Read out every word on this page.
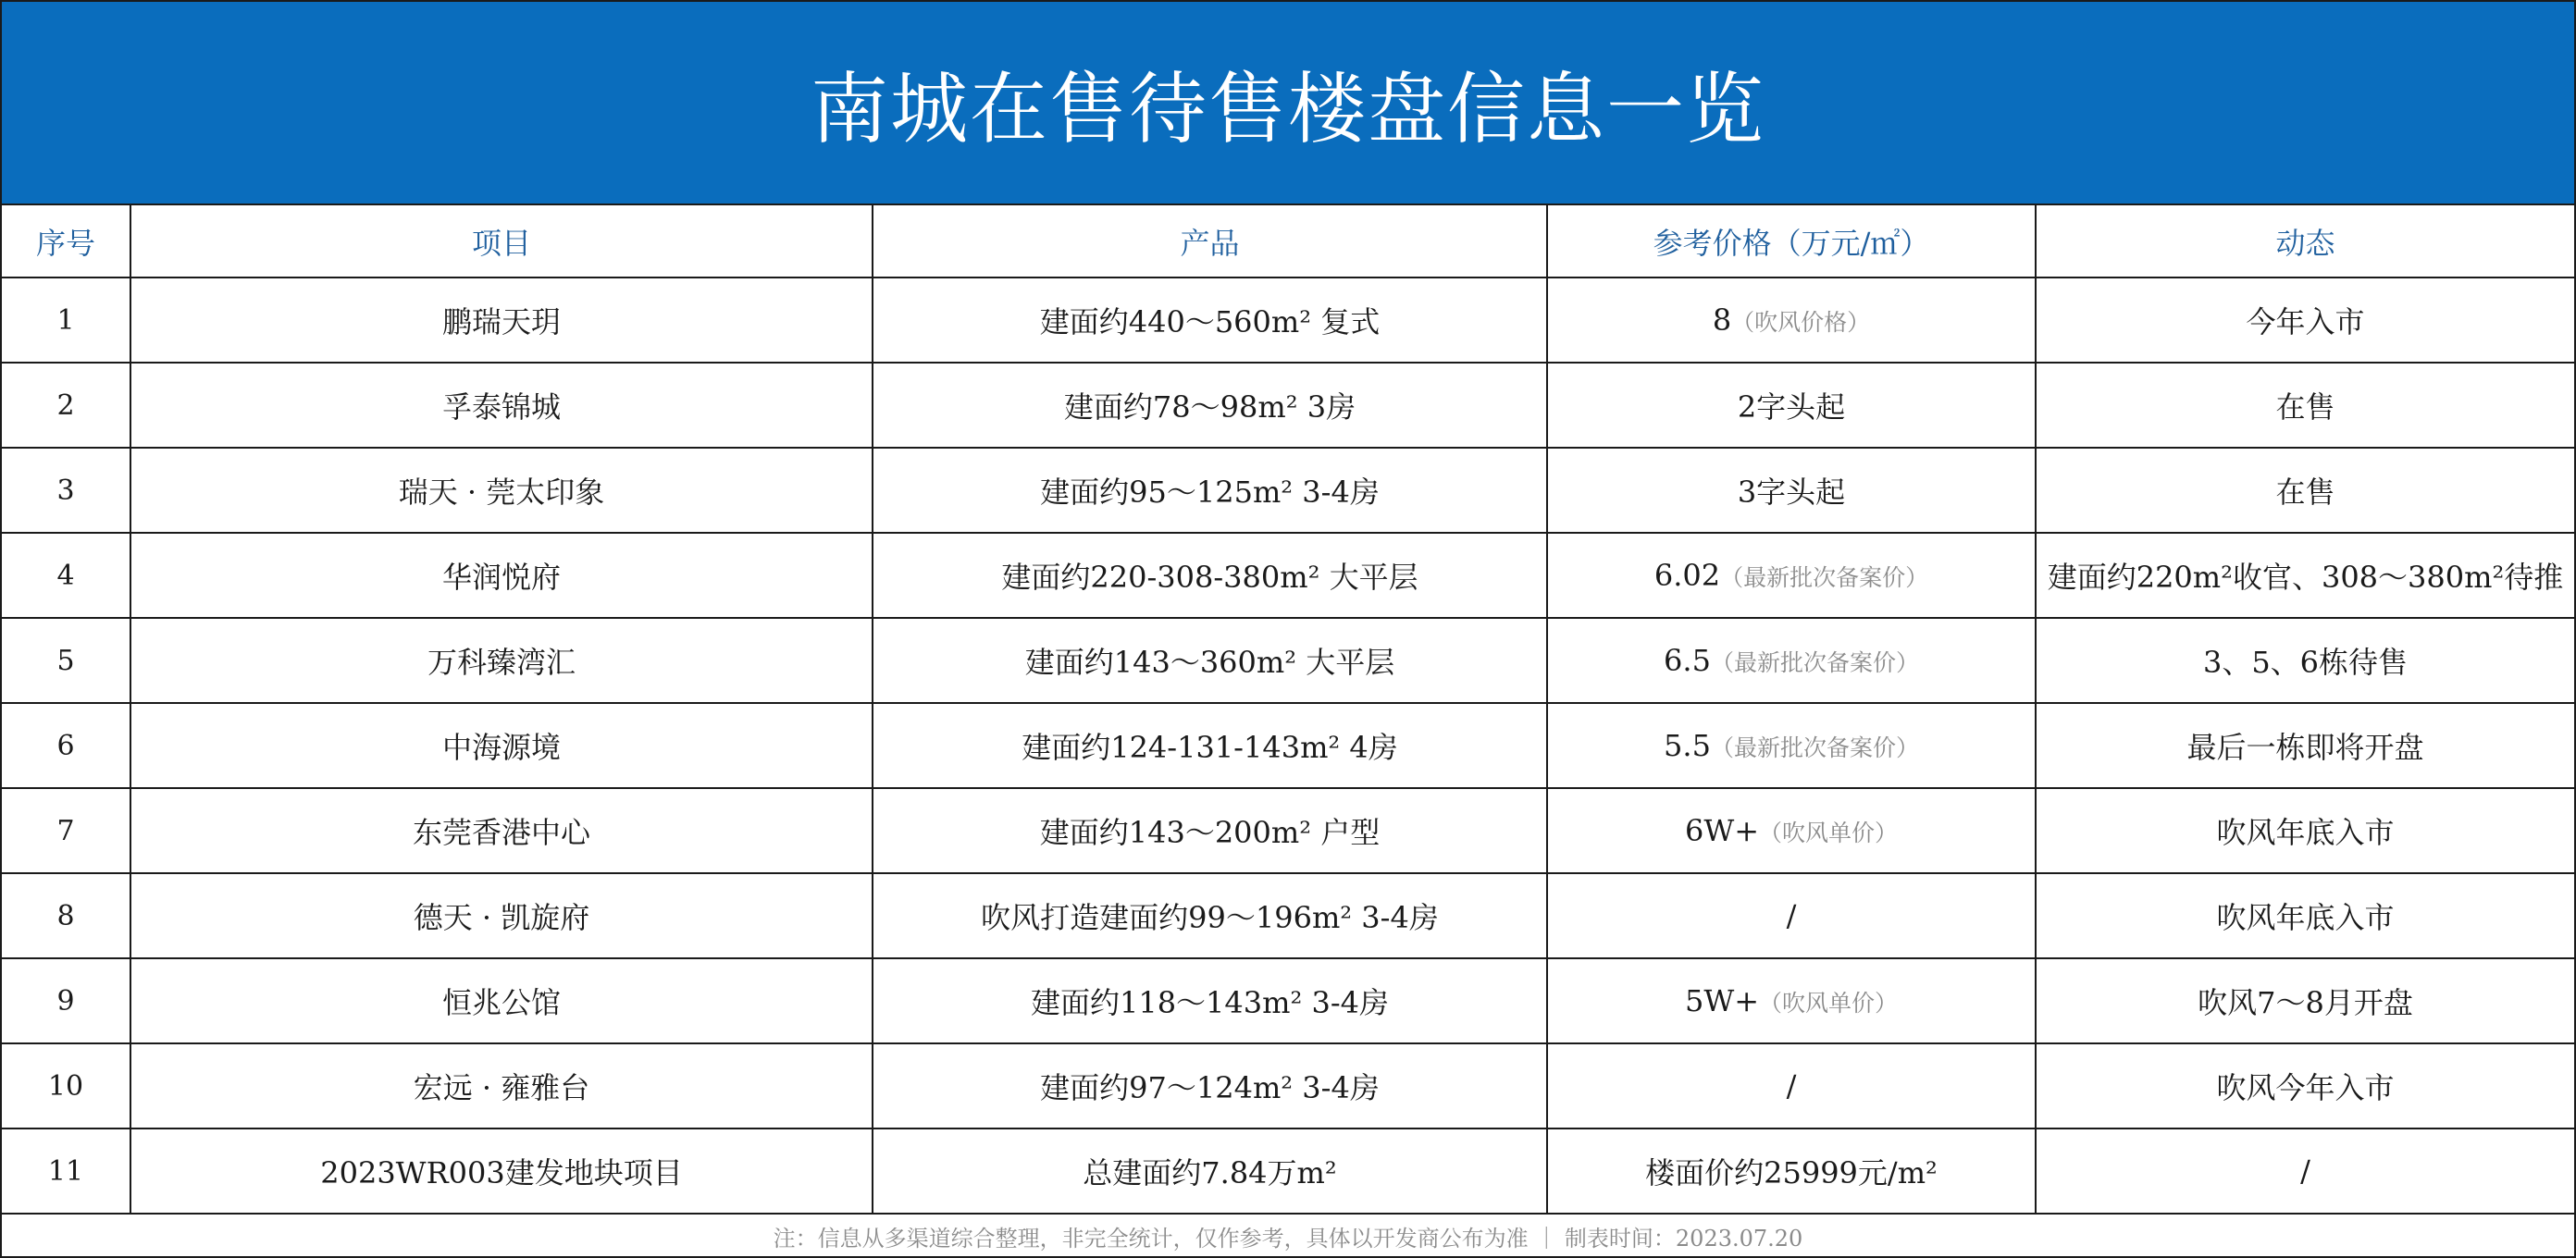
南城在售待售楼盘信息一览
序号	项目	产品	参考价格（万元/㎡）	动态
1	鹏瑞天玥	建面约440～560m² 复式	8（吹风价格）	今年入市
2	孚泰锦城	建面约78～98m² 3房	2字头起	在售
3	瑞天 · 莞太印象	建面约95～125m² 3-4房	3字头起	在售
4	华润悦府	建面约220-308-380m² 大平层	6.02（最新批次备案价）	建面约220m²收官、308～380m²待推
5	万科臻湾汇	建面约143～360m² 大平层	6.5（最新批次备案价）	3、5、6栋待售
6	中海源境	建面约124-131-143m² 4房	5.5（最新批次备案价）	最后一栋即将开盘
7	东莞香港中心	建面约143～200m² 户型	6W+（吹风单价）	吹风年底入市
8	德天 · 凯旋府	吹风打造建面约99～196m² 3-4房	/	吹风年底入市
9	恒兆公馆	建面约118～143m² 3-4房	5W+（吹风单价）	吹风7～8月开盘
10	宏远 · 雍雅台	建面约97～124m² 3-4房	/	吹风今年入市
11	2023WR003建发地块项目	总建面约7.84万m²	楼面价约25999元/m²	/
注：信息从多渠道综合整理，非完全统计，仅作参考，具体以开发商公布为准 ｜ 制表时间：2023.07.20
